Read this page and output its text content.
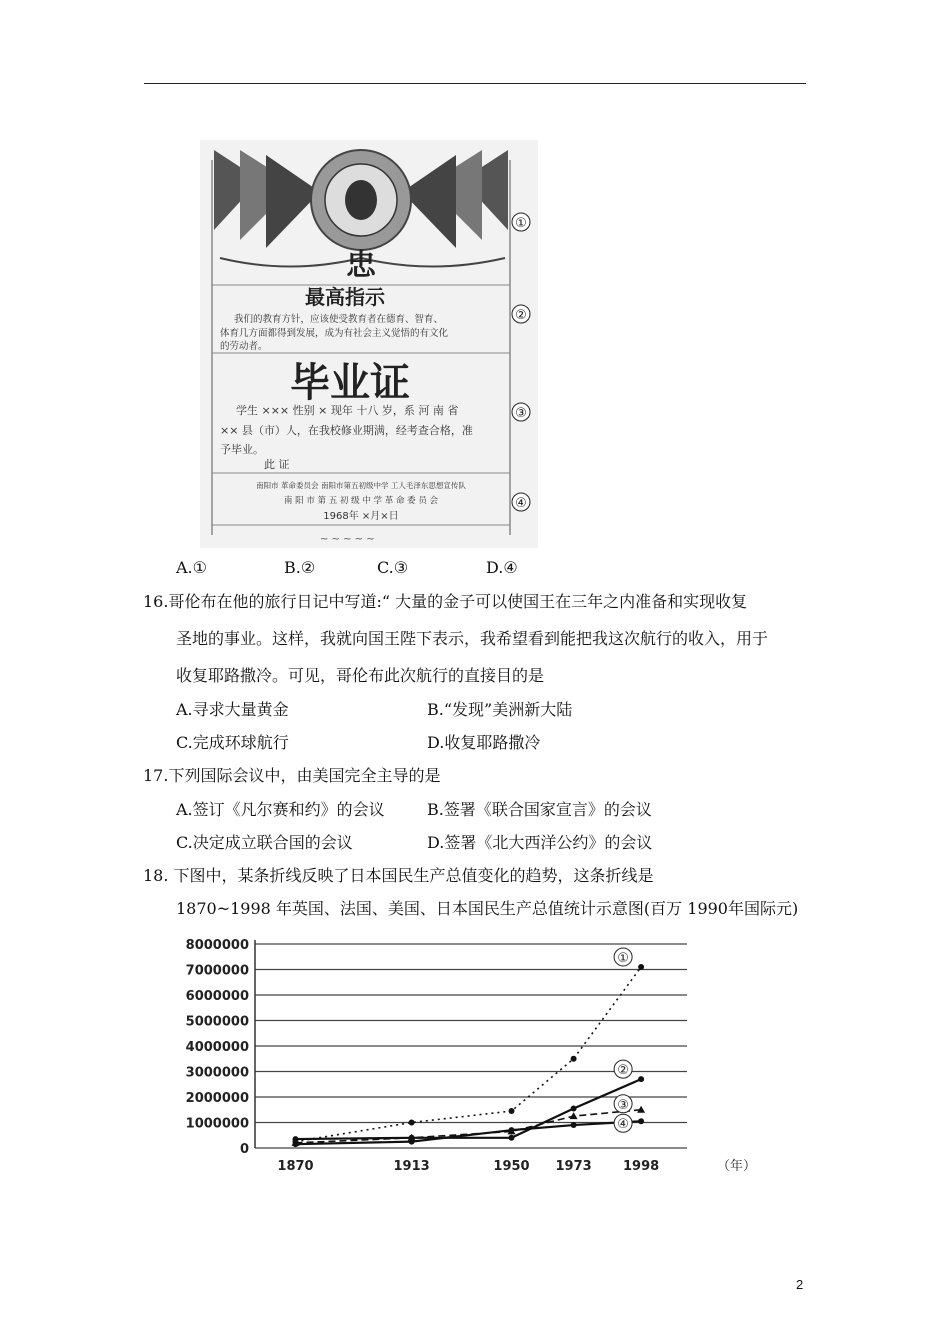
忠
最高指示
我们的教育方针，应该使受教育者在德育、智育、
体育几方面都得到发展，成为有社会主义觉悟的有文化
的劳动者。
毕业证
学生 ××× 性别 × 现年 十八 岁，系 河 南 省
×× 县（市）人，在我校修业期满，经考查合格，准
予毕业。
此 证
南阳市 革命委员会 南阳市第五初级中学 工人毛泽东思想宣传队
南 阳 市 第 五 初 级 中 学 革 命 委 员 会
1968年 ×月×日
~ ~ ~ ~ ~
①
②
③
④
A.①	B.②	C.③	D.④
16.哥伦布在他的旅行日记中写道:“ 大量的金子可以使国王在三年之内准备和实现收复
圣地的事业。这样，我就向国王陛下表示，我希望看到能把我这次航行的收入，用于
收复耶路撒冷。可见，哥伦布此次航行的直接目的是
A.寻求大量黄金	B.“发现”美洲新大陆
C.完成环球航行	D.收复耶路撒冷
17.下列国际会议中，由美国完全主导的是
A.签订《凡尔赛和约》的会议	B.签署《联合国家宣言》的会议
C.决定成立联合国的会议	D.签署《北大西洋公约》的会议
18. 下图中，某条折线反映了日本国民生产总值变化的趋势，这条折线是
1870~1998 年英国、法国、美国、日本国民生产总值统计示意图(百万 1990年国际元)
0
1000000
2000000
3000000
4000000
5000000
6000000
7000000
8000000
1870	1913	1950 1973 1998	（年）
①
②
③
④
2
